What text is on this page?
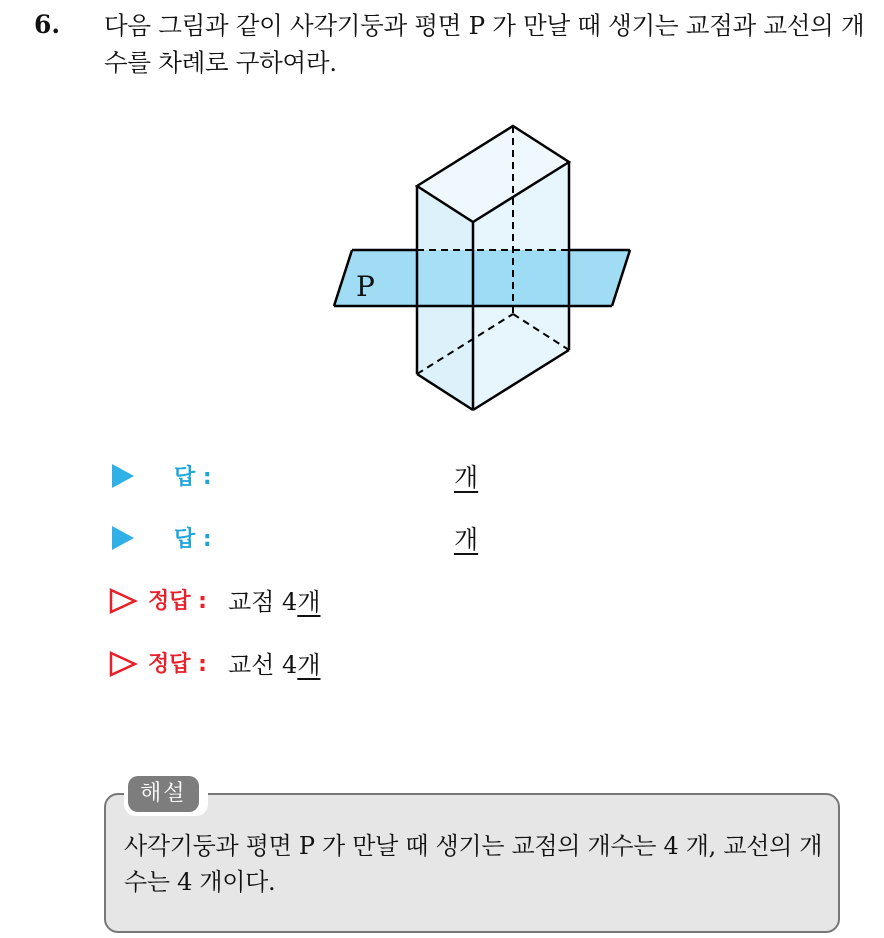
6. 다음 그림과 같이 사각기둥과 평면 P 가 만날 때 생기는 교점과 교선의 개수를 차례로 구하여라.
P
답 :	개
답 :	개
정답 : 교점 4개
정답 : 교선 4개
해설
사각기둥과 평면 P 가 만날 때 생기는 교점의 개수는 4 개, 교선의 개수는 4 개이다.
